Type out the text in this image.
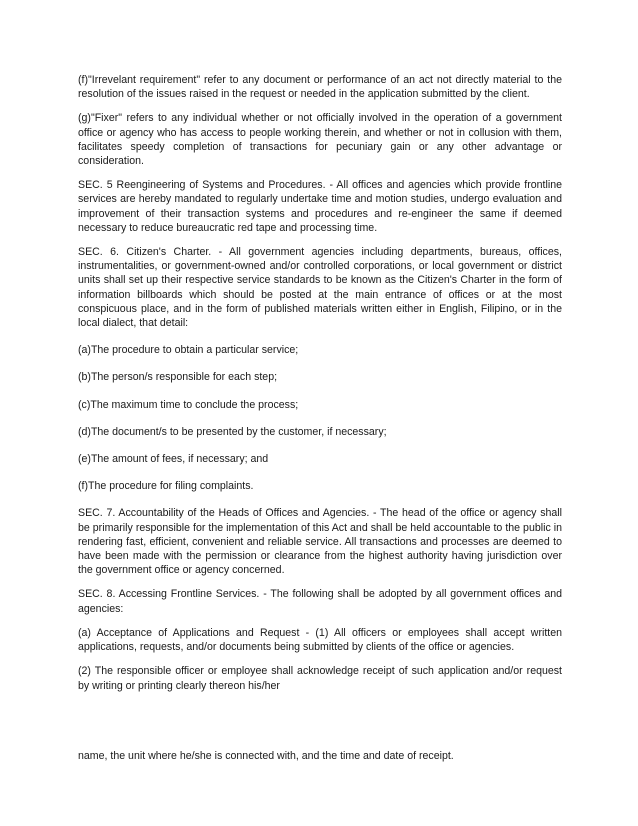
(f)"Irrevelant requirement" refer to any document or performance of an act not directly material to the resolution of the issues raised in the request or needed in the application submitted by the client.

(g)"Fixer" refers to any individual whether or not officially involved in the operation of a government office or agency who has access to people working therein, and whether or not in collusion with them, facilitates speedy completion of transactions for pecuniary gain or any other advantage or consideration.

SEC. 5 Reengineering of Systems and Procedures. - All offices and agencies which provide frontline services are hereby mandated to regularly undertake time and motion studies, undergo evaluation and improvement of their transaction systems and procedures and re-engineer the same if deemed necessary to reduce bureaucratic red tape and processing time.

SEC. 6. Citizen's Charter. - All government agencies including departments, bureaus, offices, instrumentalities, or government-owned and/or controlled corporations, or local government or district units shall set up their respective service standards to be known as the Citizen's Charter in the form of information billboards which should be posted at the main entrance of offices or at the most conspicuous place, and in the form of published materials written either in English, Filipino, or in the local dialect, that detail:

(a)The procedure to obtain a particular service;

(b)The person/s responsible for each step;

(c)The maximum time to conclude the process;

(d)The document/s to be presented by the customer, if necessary;

(e)The amount of fees, if necessary; and

(f)The procedure for filing complaints.

SEC. 7. Accountability of the Heads of Offices and Agencies. - The head of the office or agency shall be primarily responsible for the implementation of this Act and shall be held accountable to the public in rendering fast, efficient, convenient and reliable service. All transactions and processes are deemed to have been made with the permission or clearance from the highest authority having jurisdiction over the government office or agency concerned.

SEC. 8. Accessing Frontline Services. - The following shall be adopted by all government offices and agencies:

(a) Acceptance of Applications and Request - (1) All officers or employees shall accept written applications, requests, and/or documents being submitted by clients of the office or agencies.

(2) The responsible officer or employee shall acknowledge receipt of such application and/or request by writing or printing clearly thereon his/her

name, the unit where he/she is connected with, and the time and date of receipt.
